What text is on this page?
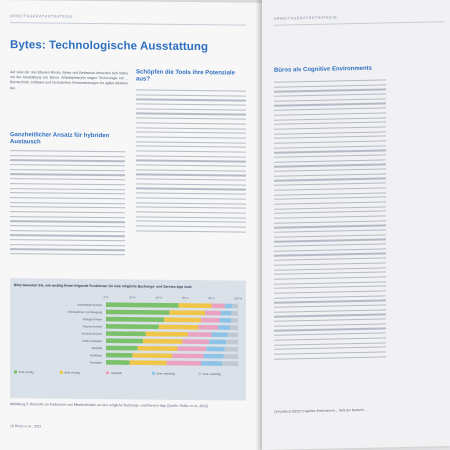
ARBEITSGERATESTRATEGIE
Bytes: Technologische Ausstattung

Auf zwei der drei Ebenen Bricks, Bytes und Behaviour bewerten sich Bytes mit der Ausstattung von Büros. Arbeitsplatz(e)n tragen Technologie mit ... Bürotechnik, Software und technischen Voraussetzungen für agiles Arbeiten bei.

Ganzheitlicher Ansatz für hybriden Austausch
Schöpfen die Tools ihre Potenziale aus?
Bitte bewerten Sie, wie wichtig Ihnen folgende Funktionen für eine mögliche Buchungs- und Service-App sind:
0 %	20 %	40 %	60 %	80 %	100 %
Arbeitsplatz buchen
Informationen zur Belegung
Kollegen finden
Räume buchen
Services buchen
Daten anzeigen
Mobilität
Feedback
Sonstiges
Sehr wichtig	Eher wichtig	Teils/teils	Eher unwichtig	Sehr unwichtig
Abbildung 5: Wünsche an Funktionen von Mitarbeitenden an eine mögliche Buchungs- und Service-App (Quelle: Rollen et al., 2022)
18 Rhein et al., 2022
ARBEITSGERATESTRATEGIE
Büros als Cognitive Environments
19 Kurdlu & (2022): Cognitive Environment ... Teile der Nutzerin...
